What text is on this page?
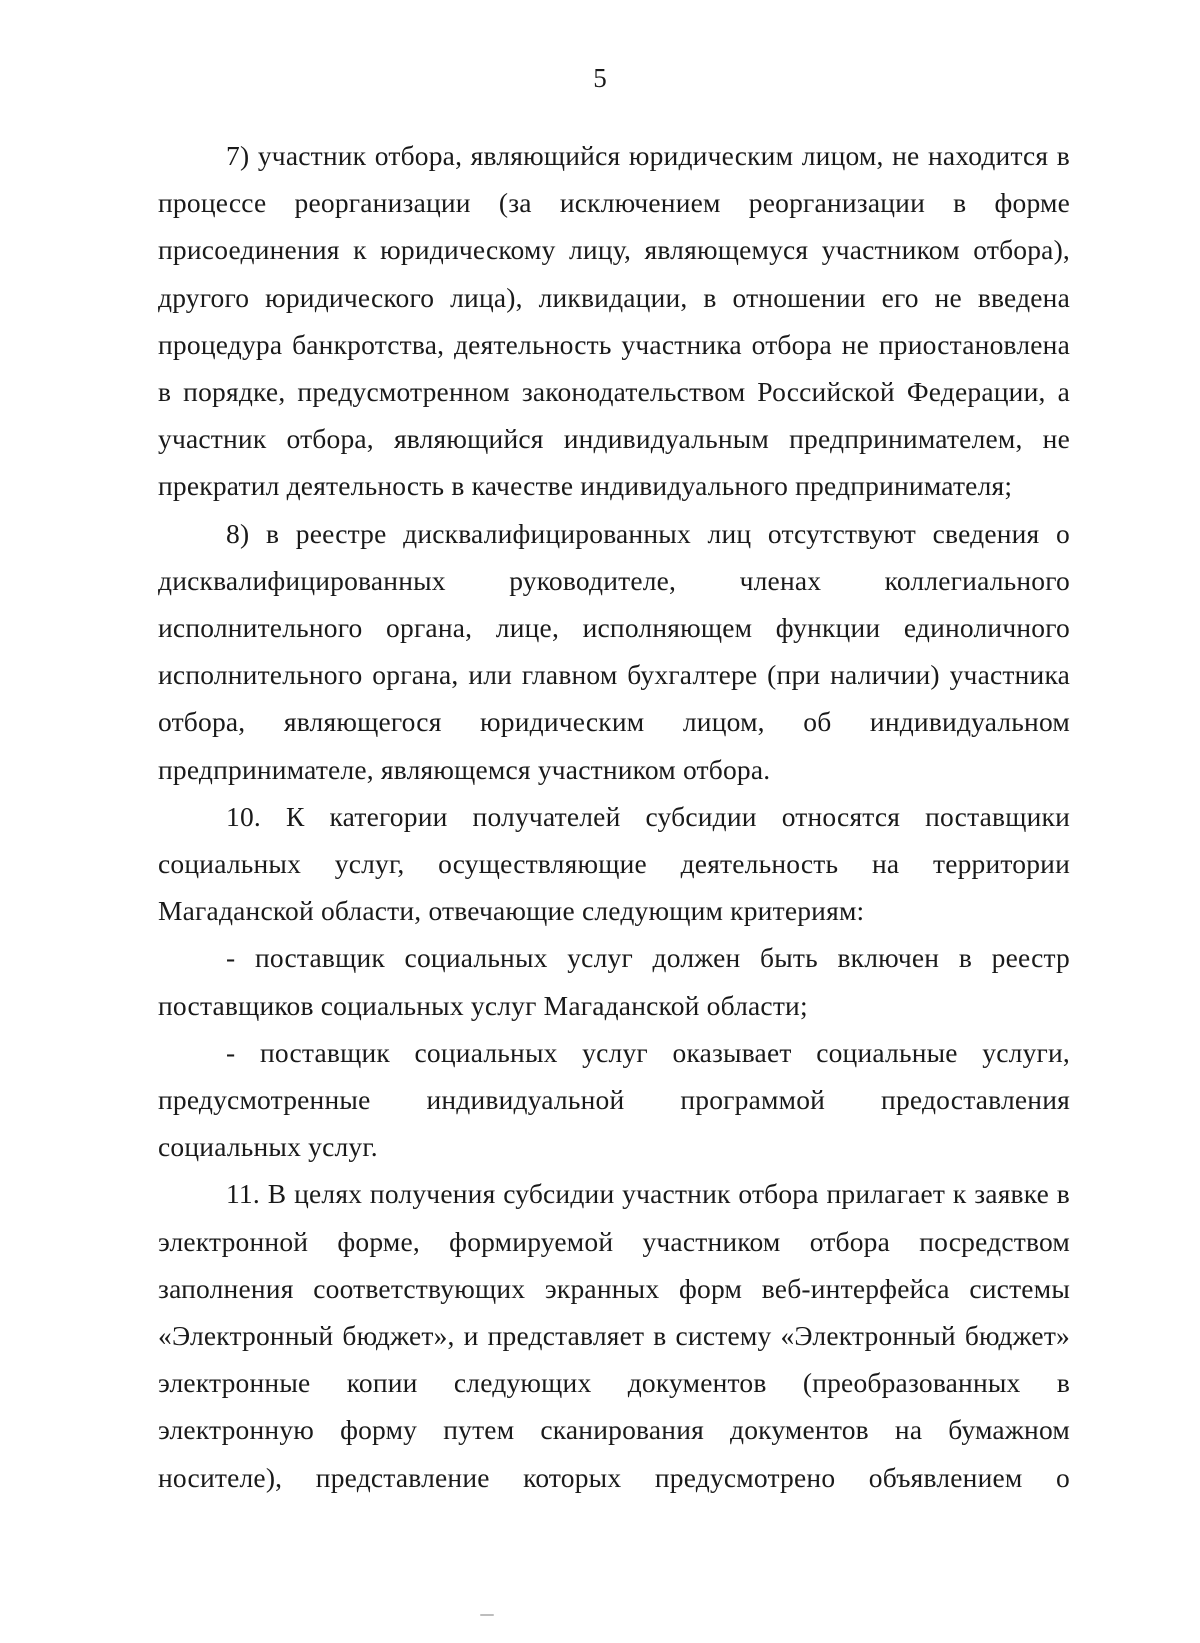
5

7) участник отбора, являющийся юридическим лицом, не находится в процессе реорганизации (за исключением реорганизации в форме присоединения к юридическому лицу, являющемуся участником отбора), другого юридического лица), ликвидации, в отношении его не введена процедура банкротства, деятельность участника отбора не приостановлена в порядке, предусмотренном законодательством Российской Федерации, а участник отбора, являющийся индивидуальным предпринимателем, не прекратил деятельность в качестве индивидуального предпринимателя;

8) в реестре дисквалифицированных лиц отсутствуют сведения о дисквалифицированных руководителе, членах коллегиального исполнительного органа, лице, исполняющем функции единоличного исполнительного органа, или главном бухгалтере (при наличии) участника отбора, являющегося юридическим лицом, об индивидуальном предпринимателе, являющемся участником отбора.

10. К категории получателей субсидии относятся поставщики социальных услуг, осуществляющие деятельность на территории Магаданской области, отвечающие следующим критериям:

- поставщик социальных услуг должен быть включен в реестр поставщиков социальных услуг Магаданской области;

- поставщик социальных услуг оказывает социальные услуги, предусмотренные индивидуальной программой предоставления социальных услуг.

11. В целях получения субсидии участник отбора прилагает к заявке в электронной форме, формируемой участником отбора посредством заполнения соответствующих экранных форм веб-интерфейса системы «Электронный бюджет», и представляет в систему «Электронный бюджет» электронные копии следующих документов (преобразованных в электронную форму путем сканирования документов на бумажном носителе), представление которых предусмотрено объявлением о
